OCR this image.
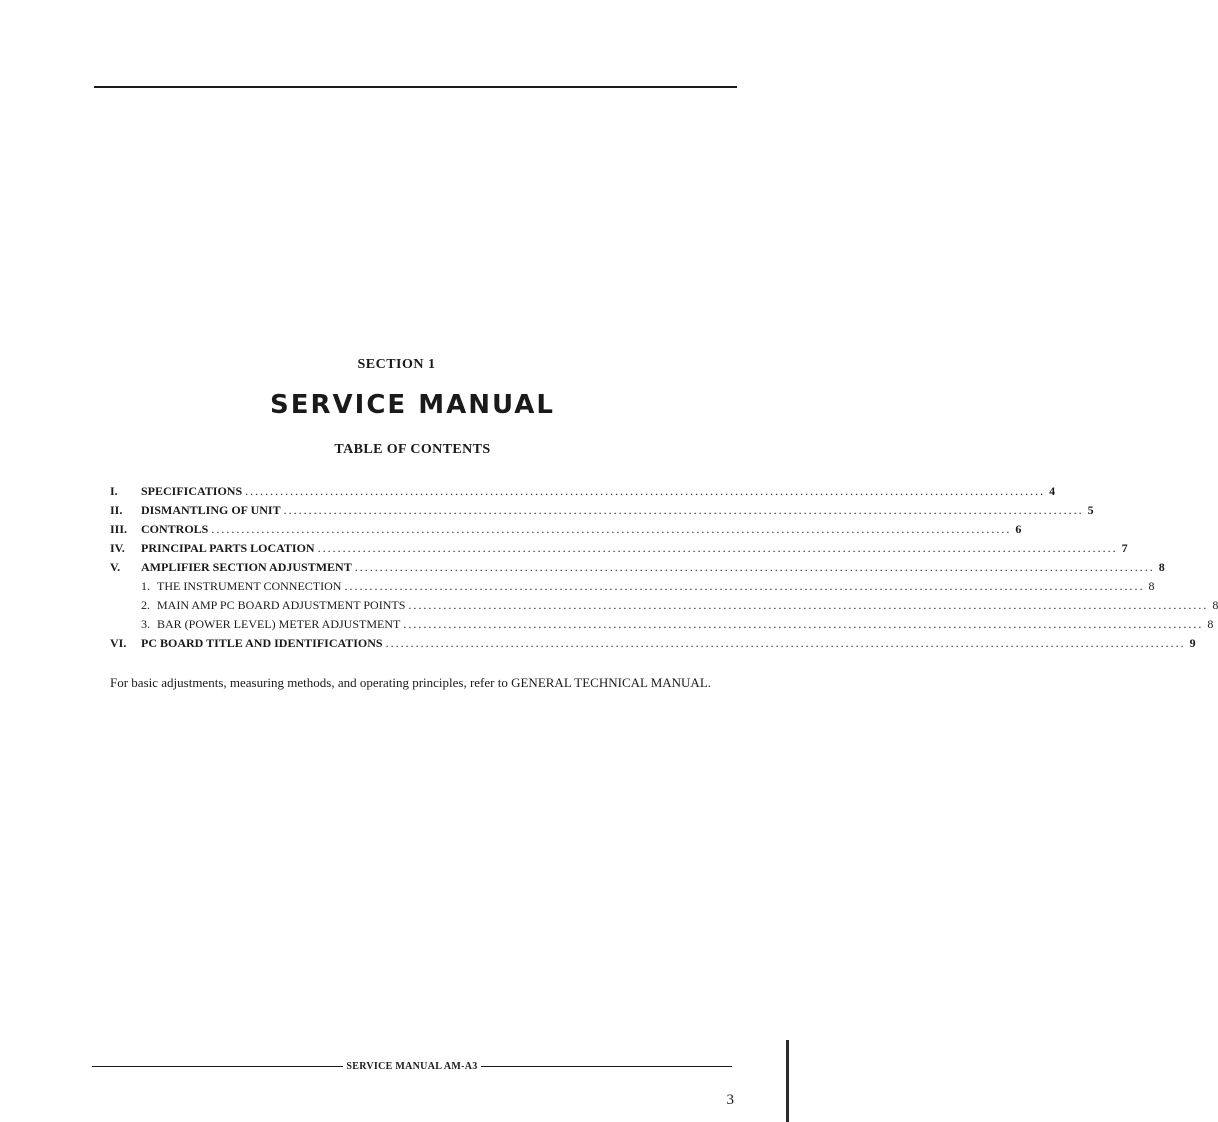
SECTION 1
SERVICE MANUAL
TABLE OF CONTENTS
I.	SPECIFICATIONS ................................................................................................................................................................ 4
II.	DISMANTLING OF UNIT ................................................................................................................................................................ 5
III.	CONTROLS ................................................................................................................................................................ 6
IV.	PRINCIPAL PARTS LOCATION ................................................................................................................................................................ 7
V.	AMPLIFIER SECTION ADJUSTMENT ................................................................................................................................................................ 8
1. THE INSTRUMENT CONNECTION ................................................................................................................................................................ 8
2. MAIN AMP PC BOARD ADJUSTMENT POINTS ................................................................................................................................................................ 8
3. BAR (POWER LEVEL) METER ADJUSTMENT ................................................................................................................................................................ 8
VI.	PC BOARD TITLE AND IDENTIFICATIONS ................................................................................................................................................................ 9
For basic adjustments, measuring methods, and operating principles, refer to GENERAL TECHNICAL MANUAL.
SERVICE MANUAL AM-A3
3
